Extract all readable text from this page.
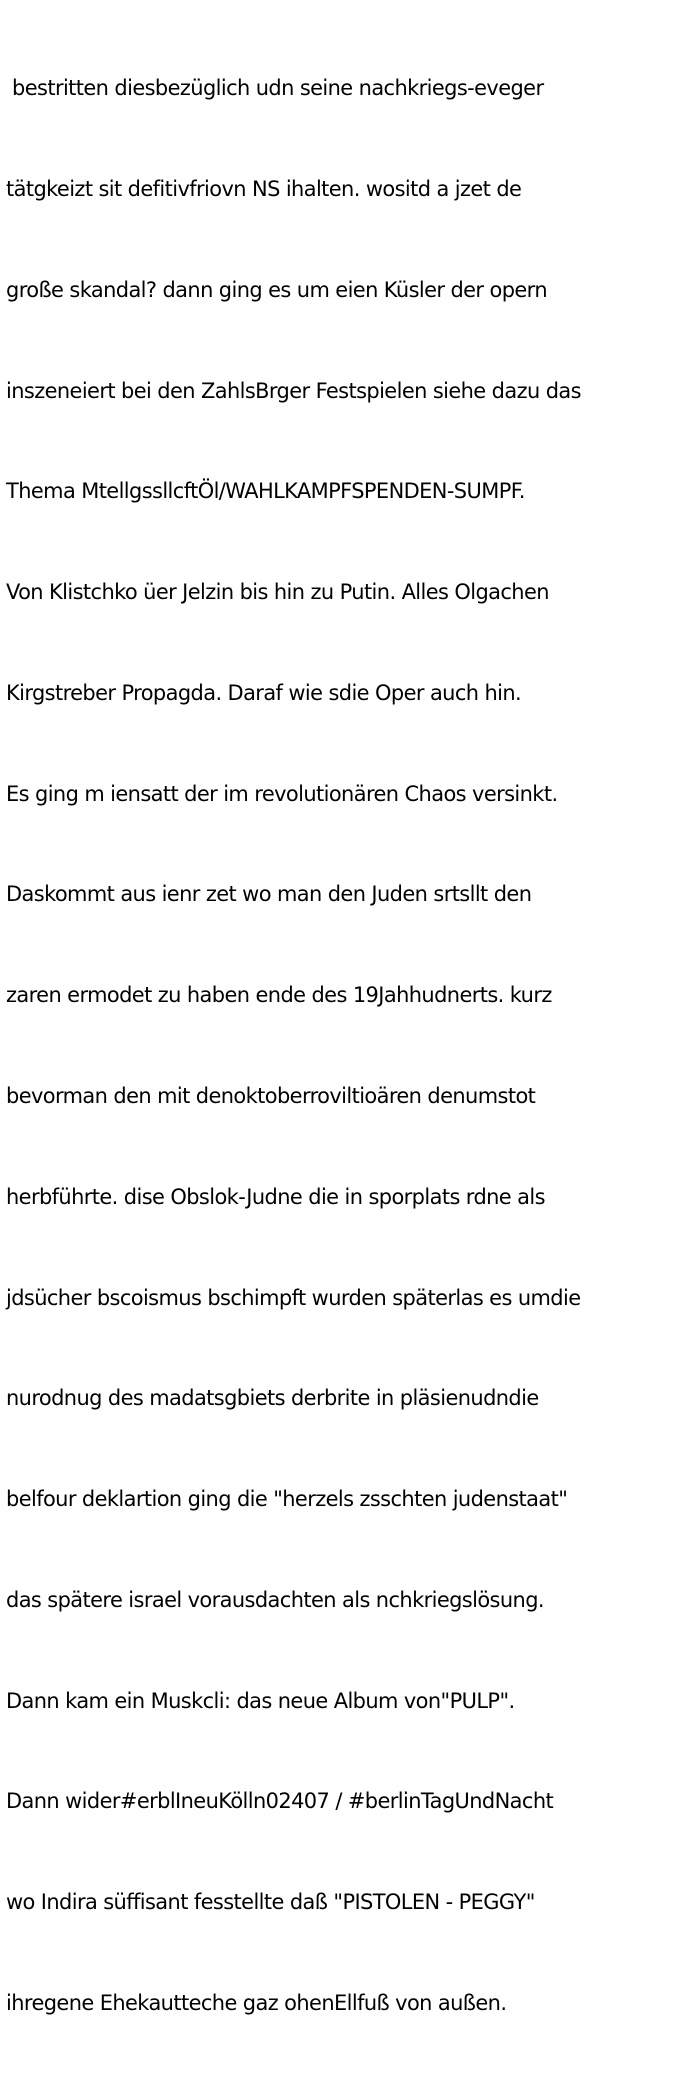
bestritten diesbezüglich udn seine nachkriegs-eveger

tätgkeizt sit defitivfriovn NS ihalten. wositd a jzet de

große skandal? dann ging es um eien Küsler der opern

inszeneiert bei den ZahlsBrger Festspielen siehe dazu das

Thema MtellgssllcftÖl/WAHLKAMPFSPENDEN-SUMPF.

Von Klistchko üer Jelzin bis hin zu Putin. Alles Olgachen

Kirgstreber Propagda. Daraf wie sdie Oper auch hin.

Es ging m iensatt der im revolutionären Chaos versinkt.

Daskommt aus ienr zet wo man den Juden srtsllt den

zaren ermodet zu haben ende des 19Jahhudnerts. kurz

bevorman den mit denoktoberroviltioären denumstot

herbführte. dise Obslok-Judne die in sporplats rdne als

jdsücher bscoismus bschimpft wurden späterlas es umdie

nurodnug des madatsgbiets derbrite in pläsienudndie

belfour deklartion ging die "herzels zsschten judenstaat"

das spätere israel vorausdachten als nchkriegslösung.

Dann kam ein Muskcli: das neue Album von"PULP".

Dann wider#erblIneuKölln02407 / #berlinTagUndNacht

wo Indira süffisant fesstellte daß "PISTOLEN - PEGGY"

ihregene Ehekautteche gaz ohenEllfuß von außen.
